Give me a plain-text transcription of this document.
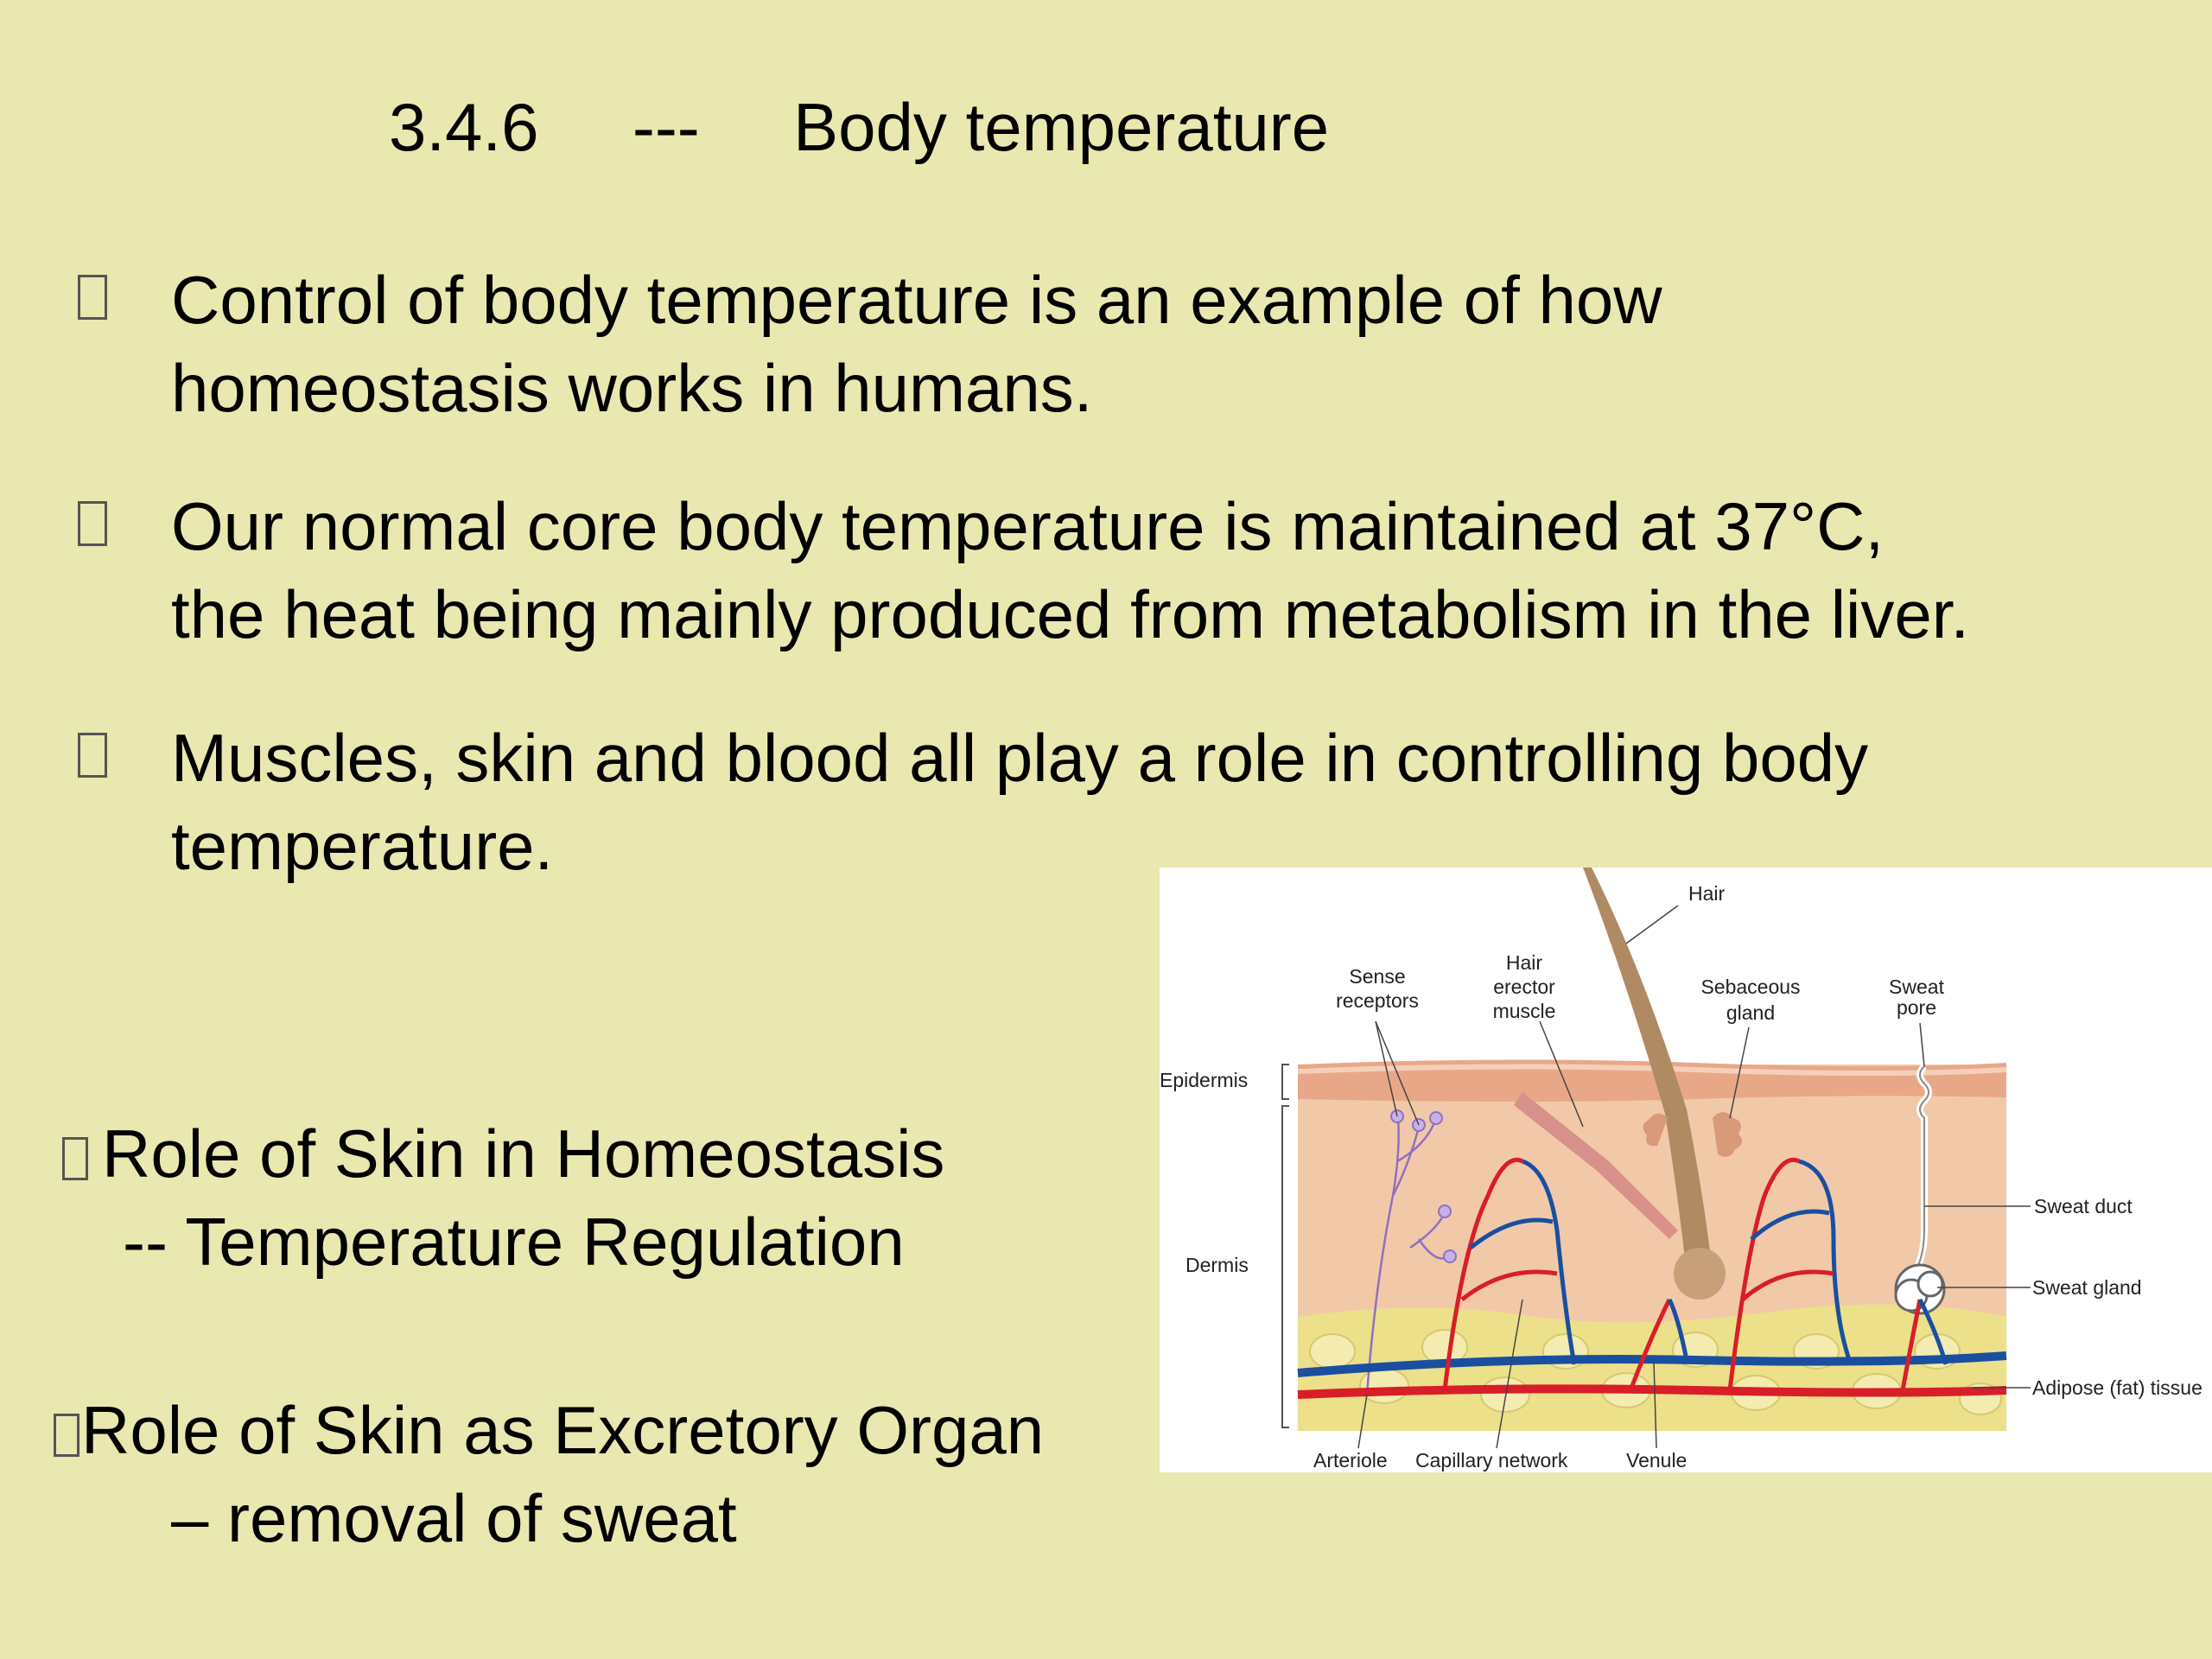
3.4.6 --- Body temperature
Control of body temperature is an example of how
homeostasis works in humans.
Our normal core body temperature is maintained at 37°C,
the heat being mainly produced from metabolism in the liver.
Muscles, skin and blood all play a role in controlling body
temperature.
Role of Skin in Homeostasis
-- Temperature Regulation
Role of Skin as Excretory Organ
– removal of sweat
Hair
Sense
receptors
Hair
erector
muscle
Sebaceous
gland
Sweat
pore
Epidermis
Dermis
Sweat duct
Sweat gland
Adipose (fat) tissue
Arteriole Capillary network	Venule
